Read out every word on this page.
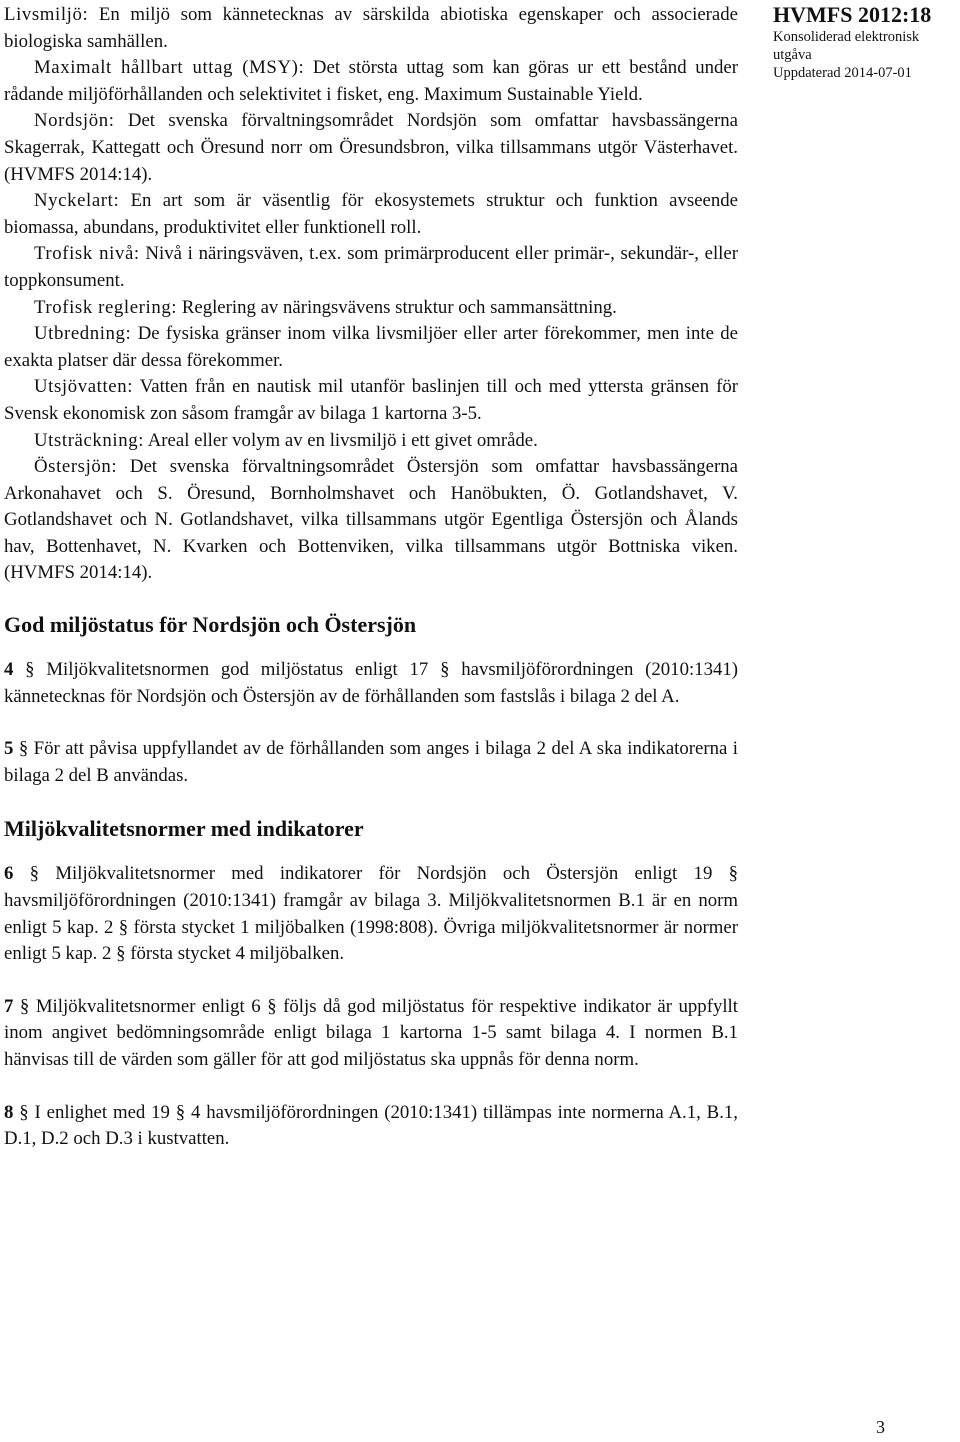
Livsmiljö: En miljö som kännetecknas av särskilda abiotiska egenskaper och associerade biologiska samhällen.

Maximalt hållbart uttag (MSY): Det största uttag som kan göras ur ett bestånd under rådande miljöförhållanden och selektivitet i fisket, eng. Maximum Sustainable Yield.

Nordsjön: Det svenska förvaltningsområdet Nordsjön som omfattar havsbassängerna Skagerrak, Kattegatt och Öresund norr om Öresundsbron, vilka tillsammans utgör Västerhavet. (HVMFS 2014:14).

Nyckelart: En art som är väsentlig för ekosystemets struktur och funktion avseende biomassa, abundans, produktivitet eller funktionell roll.

Trofisk nivå: Nivå i näringsväven, t.ex. som primärproducent eller primär-, sekundär-, eller toppkonsument.

Trofisk reglering: Reglering av näringsvävens struktur och sammansättning.

Utbredning: De fysiska gränser inom vilka livsmiljöer eller arter förekommer, men inte de exakta platser där dessa förekommer.

Utsjövatten: Vatten från en nautisk mil utanför baslinjen till och med yttersta gränsen för Svensk ekonomisk zon såsom framgår av bilaga 1 kartorna 3-5.

Utsträckning: Areal eller volym av en livsmiljö i ett givet område.

Östersjön: Det svenska förvaltningsområdet Östersjön som omfattar havsbassängerna Arkonahavet och S. Öresund, Bornholmshavet och Hanöbukten, Ö. Gotlandshavet, V. Gotlandshavet och N. Gotlandshavet, vilka tillsammans utgör Egentliga Östersjön och Ålands hav, Bottenhavet, N. Kvarken och Bottenviken, vilka tillsammans utgör Bottniska viken. (HVMFS 2014:14).

God miljöstatus för Nordsjön och Östersjön

4 § Miljökvalitetsnormen god miljöstatus enligt 17 § havsmiljöförordningen (2010:1341) kännetecknas för Nordsjön och Östersjön av de förhållanden som fastslås i bilaga 2 del A.

5 § För att påvisa uppfyllandet av de förhållanden som anges i bilaga 2 del A ska indikatorerna i bilaga 2 del B användas.

Miljökvalitetsnormer med indikatorer

6 § Miljökvalitetsnormer med indikatorer för Nordsjön och Östersjön enligt 19 § havsmiljöförordningen (2010:1341) framgår av bilaga 3. Miljökvalitetsnormen B.1 är en norm enligt 5 kap. 2 § första stycket 1 miljöbalken (1998:808). Övriga miljökvalitetsnormer är normer enligt 5 kap. 2 § första stycket 4 miljöbalken.

7 § Miljökvalitetsnormer enligt 6 § följs då god miljöstatus för respektive indikator är uppfyllt inom angivet bedömningsområde enligt bilaga 1 kartorna 1-5 samt bilaga 4. I normen B.1 hänvisas till de värden som gäller för att god miljöstatus ska uppnås för denna norm.

8 § I enlighet med 19 § 4 havsmiljöförordningen (2010:1341) tillämpas inte normerna A.1, B.1, D.1, D.2 och D.3 i kustvatten.

HVMFS 2012:18
Konsoliderad elektronisk
utgåva
Uppdaterad 2014-07-01
3
